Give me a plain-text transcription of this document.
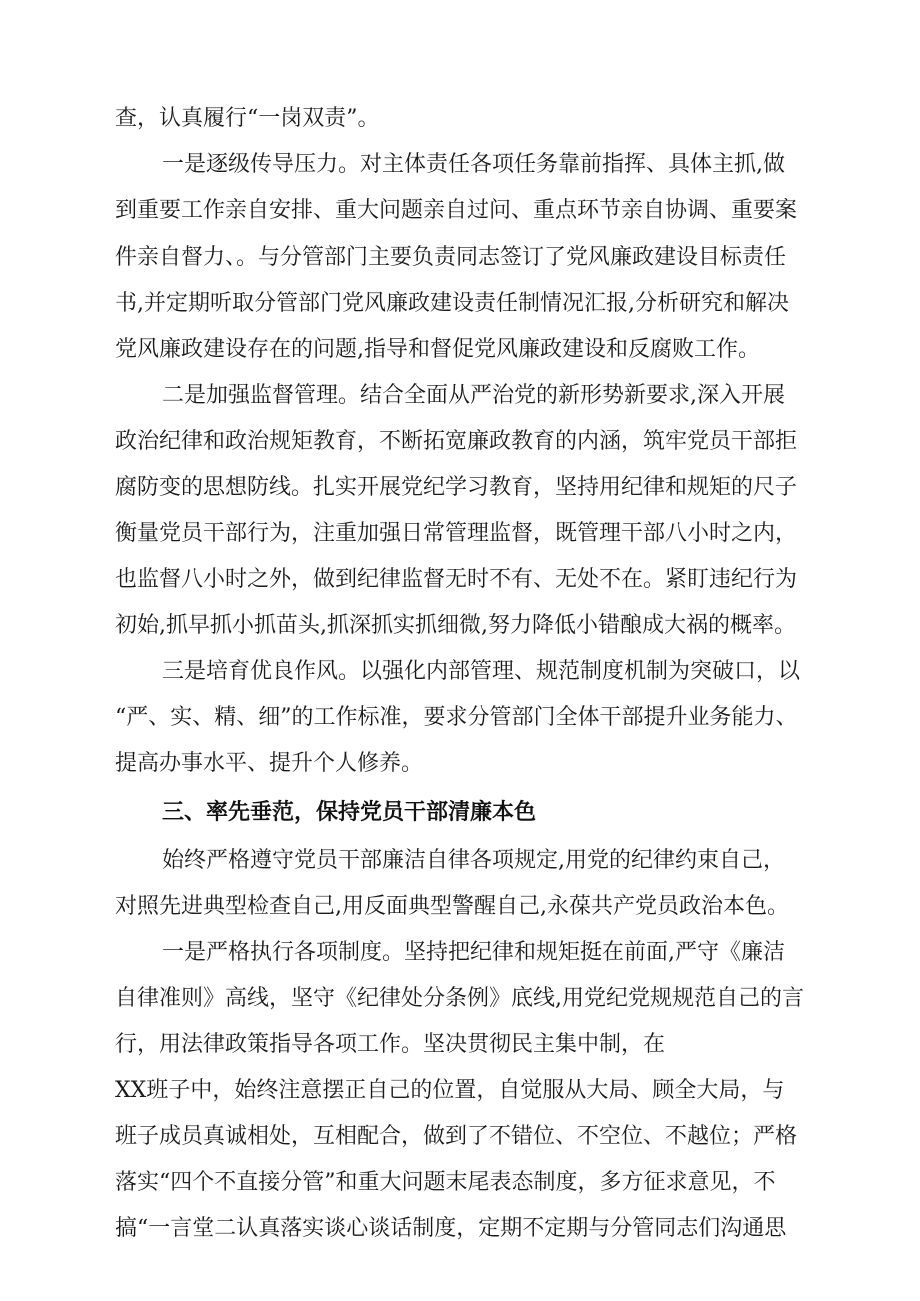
查，认真履行“一岗双责”。
一是逐级传导压力。对主体责任各项任务靠前指挥、具体主抓,做
到重要工作亲自安排、重大问题亲自过问、重点环节亲自协调、重要案
件亲自督力、。与分管部门主要负责同志签订了党风廉政建设目标责任
书,并定期听取分管部门党风廉政建设责任制情况汇报,分析研究和解决
党风廉政建设存在的问题,指导和督促党风廉政建设和反腐败工作。
二是加强监督管理。结合全面从严治党的新形势新要求,深入开展
政治纪律和政治规矩教育，不断拓宽廉政教育的内涵，筑牢党员干部拒
腐防变的思想防线。扎实开展党纪学习教育，坚持用纪律和规矩的尺子
衡量党员干部行为，注重加强日常管理监督，既管理干部八小时之内，
也监督八小时之外，做到纪律监督无时不有、无处不在。紧盯违纪行为
初始,抓早抓小抓苗头,抓深抓实抓细微,努力降低小错酿成大祸的概率。
三是培育优良作风。以强化内部管理、规范制度机制为突破口，以
“严、实、精、细”的工作标准，要求分管部门全体干部提升业务能力、
提高办事水平、提升个人修养。
三、率先垂范，保持党员干部清廉本色
始终严格遵守党员干部廉洁自律各项规定,用党的纪律约束自己，
对照先进典型检查自己,用反面典型警醒自己,永葆共产党员政治本色。
一是严格执行各项制度。坚持把纪律和规矩挺在前面,严守《廉洁
自律准则》高线，坚守《纪律处分条例》底线,用党纪党规规范自己的言
行，用法律政策指导各项工作。坚决贯彻民主集中制，在
XX班子中，始终注意摆正自己的位置，自觉服从大局、顾全大局，与
班子成员真诚相处，互相配合，做到了不错位、不空位、不越位；严格
落实“四个不直接分管”和重大问题末尾表态制度，多方征求意见，不
搞“一言堂二认真落实谈心谈话制度，定期不定期与分管同志们沟通思
